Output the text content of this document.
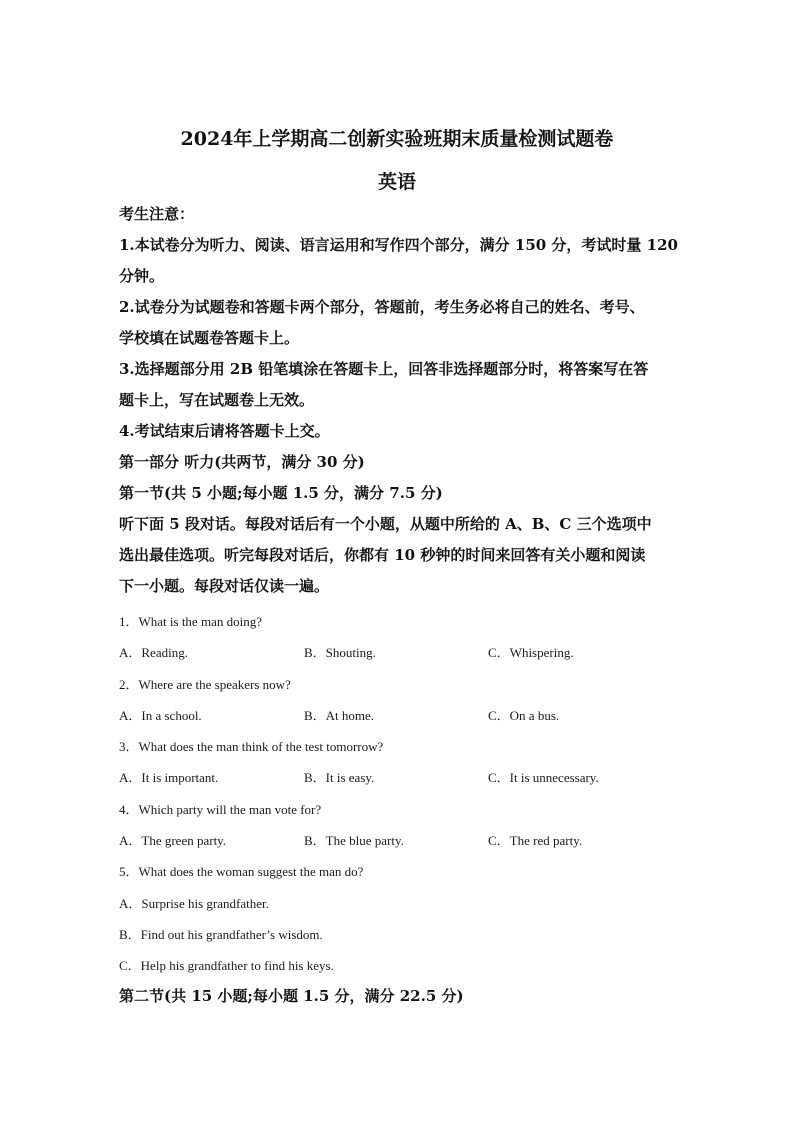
2024年上学期高二创新实验班期末质量检测试题卷
英语
考生注意：
1.本试卷分为听力、阅读、语言运用和写作四个部分，满分 150 分，考试时量 120
分钟。
2.试卷分为试题卷和答题卡两个部分，答题前，考生务必将自己的姓名、考号、
学校填在试题卷答题卡上。
3.选择题部分用 2B 铅笔填涂在答题卡上，回答非选择题部分时，将答案写在答
题卡上，写在试题卷上无效。
4.考试结束后请将答题卡上交。
第一部分 听力(共两节，满分 30 分)
第一节(共 5 小题;每小题 1.5 分，满分 7.5 分)
听下面 5 段对话。每段对话后有一个小题，从题中所给的 A、B、C 三个选项中
选出最佳选项。听完每段对话后，你都有 10 秒钟的时间来回答有关小题和阅读
下一小题。每段对话仅读一遍。
1．What is the man doing?
A．Reading.	B．Shouting.	C．Whispering.
2．Where are the speakers now?
A．In a school.	B．At home.	C．On a bus.
3．What does the man think of the test tomorrow?
A．It is important.	B．It is easy.	C．It is unnecessary.
4．Which party will the man vote for?
A．The green party.	B．The blue party.	C．The red party.
5．What does the woman suggest the man do?
A．Surprise his grandfather.
B．Find out his grandfather’s wisdom.
C．Help his grandfather to find his keys.
第二节(共 15 小题;每小题 1.5 分，满分 22.5 分)
